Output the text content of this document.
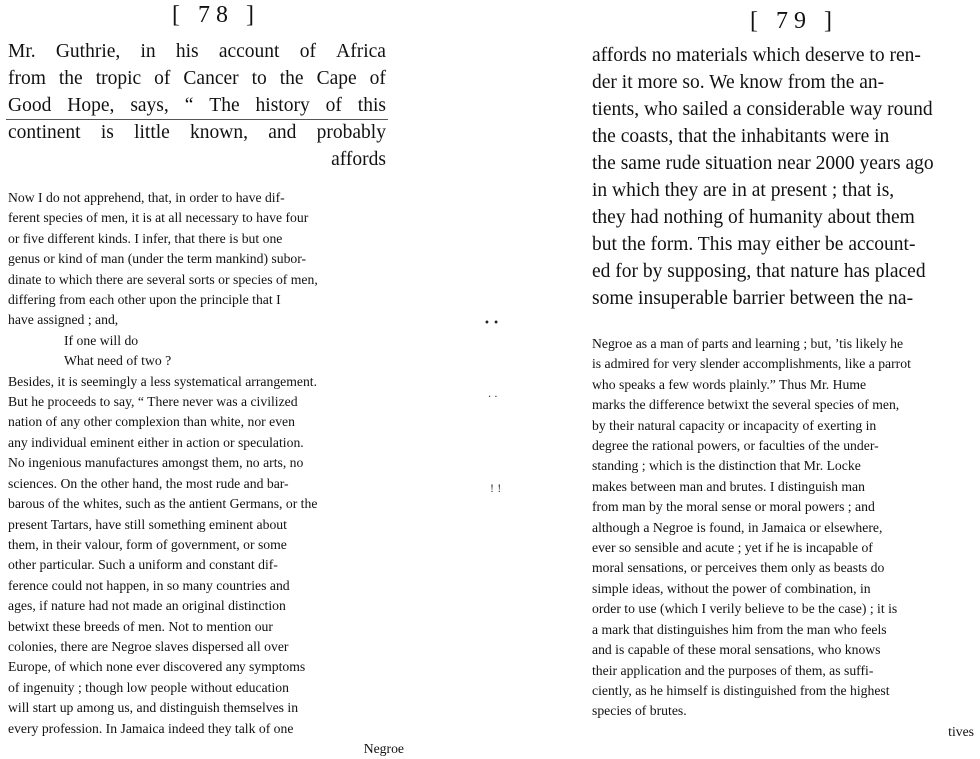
[ 78 ]
Mr. Guthrie, in his account of Africa
from the tropic of Cancer to the Cape of
Good Hope, says, “ The history of this
continent is little known, and probably
affords
Now I do not apprehend, that, in order to have dif-
ferent species of men, it is at all necessary to have four
or five different kinds. I infer, that there is but one
genus or kind of man (under the term mankind) subor-
dinate to which there are several sorts or species of men,
differing from each other upon the principle that I
have assigned ; and,
If one will do
What need of two ?
Besides, it is seemingly a less systematical arrangement.
But he proceeds to say, “ There never was a civilized
nation of any other complexion than white, nor even
any individual eminent either in action or speculation.
No ingenious manufactures amongst them, no arts, no
sciences. On the other hand, the most rude and bar-
barous of the whites, such as the antient Germans, or the
present Tartars, have still something eminent about
them, in their valour, form of government, or some
other particular. Such a uniform and constant dif-
ference could not happen, in so many countries and
ages, if nature had not made an original distinction
betwixt these breeds of men. Not to mention our
colonies, there are Negroe slaves dispersed all over
Europe, of which none ever discovered any symptoms
of ingenuity ; though low people without education
will start up among us, and distinguish themselves in
every profession. In Jamaica indeed they talk of one
Negroe
• •
· ·
! !
[ 79 ]
affords no materials which deserve to ren-
der it more so. We know from the an-
tients, who sailed a considerable way round
the coasts, that the inhabitants were in
the same rude situation near 2000 years ago
in which they are in at present ; that is,
they had nothing of humanity about them
but the form. This may either be account-
ed for by supposing, that nature has placed
some insuperable barrier between the na-
Negroe as a man of parts and learning ; but, ’tis likely he
is admired for very slender accomplishments, like a parrot
who speaks a few words plainly.” Thus Mr. Hume
marks the difference betwixt the several species of men,
by their natural capacity or incapacity of exerting in
degree the rational powers, or faculties of the under-
standing ; which is the distinction that Mr. Locke
makes between man and brutes. I distinguish man
from man by the moral sense or moral powers ; and
although a Negroe is found, in Jamaica or elsewhere,
ever so sensible and acute ; yet if he is incapable of
moral sensations, or perceives them only as beasts do
simple ideas, without the power of combination, in
order to use (which I verily believe to be the case) ; it is
a mark that distinguishes him from the man who feels
and is capable of these moral sensations, who knows
their application and the purposes of them, as suffi-
ciently, as he himself is distinguished from the highest
species of brutes.
tives
